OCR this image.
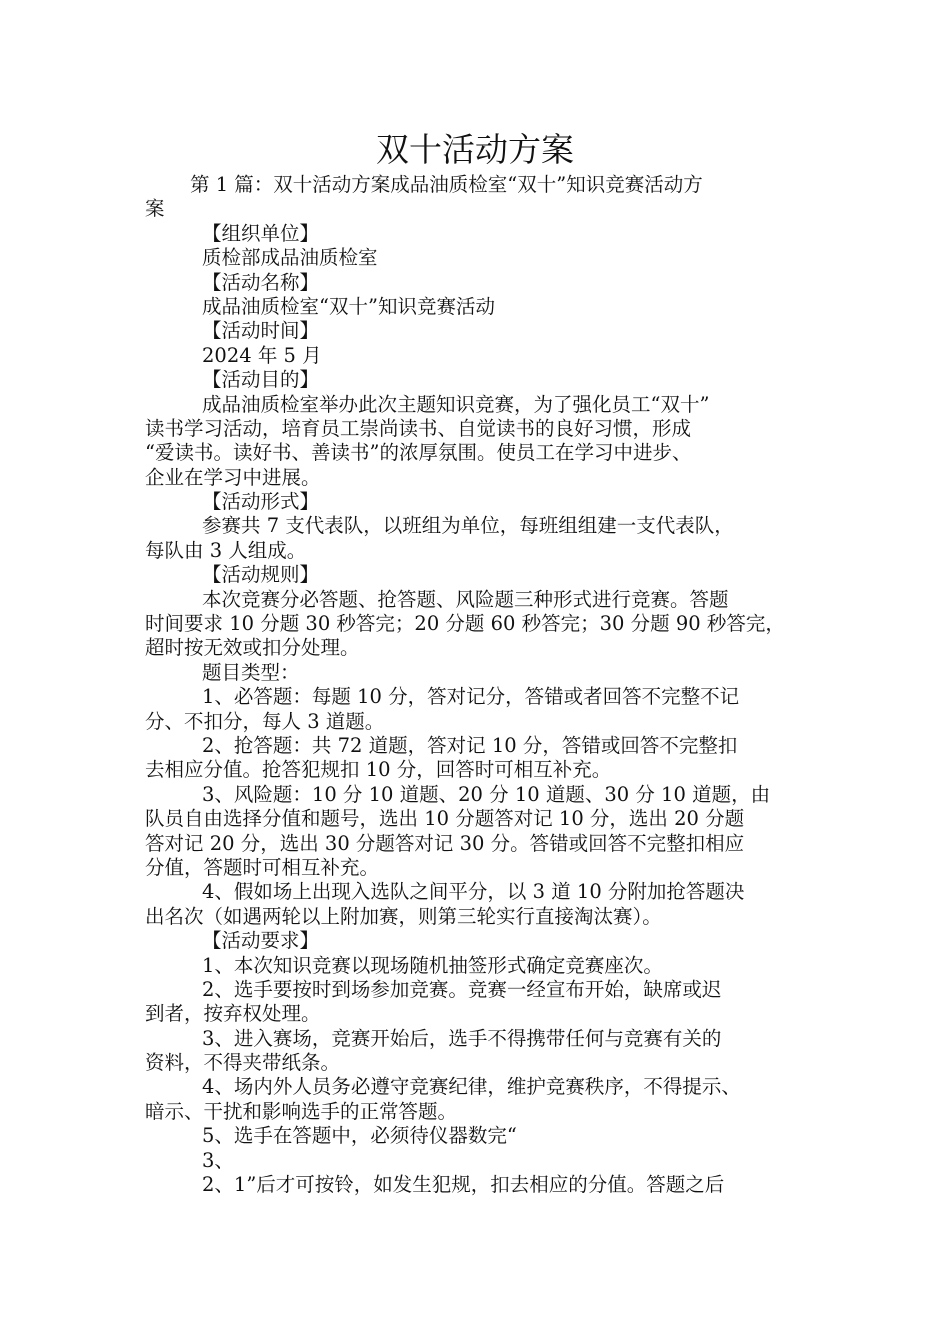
双十活动方案
第 1 篇：双十活动方案成品油质检室“双十”知识竞赛活动方
案
【组织单位】
质检部成品油质检室
【活动名称】
成品油质检室“双十”知识竞赛活动
【活动时间】
2024 年 5 月
【活动目的】
成品油质检室举办此次主题知识竞赛，为了强化员工“双十”
读书学习活动，培育员工崇尚读书、自觉读书的良好习惯，形成
“爱读书。读好书、善读书”的浓厚氛围。使员工在学习中进步、
企业在学习中进展。
【活动形式】
参赛共 7 支代表队，以班组为单位，每班组组建一支代表队，
每队由 3 人组成。
【活动规则】
本次竞赛分必答题、抢答题、风险题三种形式进行竞赛。答题
时间要求 10 分题 30 秒答完；20 分题 60 秒答完；30 分题 90 秒答完，
超时按无效或扣分处理。
题目类型：
1、必答题：每题 10 分，答对记分，答错或者回答不完整不记
分、不扣分，每人 3 道题。
2、抢答题：共 72 道题，答对记 10 分，答错或回答不完整扣
去相应分值。抢答犯规扣 10 分，回答时可相互补充。
3、风险题：10 分 10 道题、20 分 10 道题、30 分 10 道题，由
队员自由选择分值和题号，选出 10 分题答对记 10 分，选出 20 分题
答对记 20 分，选出 30 分题答对记 30 分。答错或回答不完整扣相应
分值，答题时可相互补充。
4、假如场上出现入选队之间平分，以 3 道 10 分附加抢答题决
出名次（如遇两轮以上附加赛，则第三轮实行直接淘汰赛）。
【活动要求】
1、本次知识竞赛以现场随机抽签形式确定竞赛座次。
2、选手要按时到场参加竞赛。竞赛一经宣布开始，缺席或迟
到者，按弃权处理。
3、进入赛场，竞赛开始后，选手不得携带任何与竞赛有关的
资料，不得夹带纸条。
4、场内外人员务必遵守竞赛纪律，维护竞赛秩序，不得提示、
暗示、干扰和影响选手的正常答题。
5、选手在答题中，必须待仪器数完“
3、
2、1”后才可按铃，如发生犯规，扣去相应的分值。答题之后
